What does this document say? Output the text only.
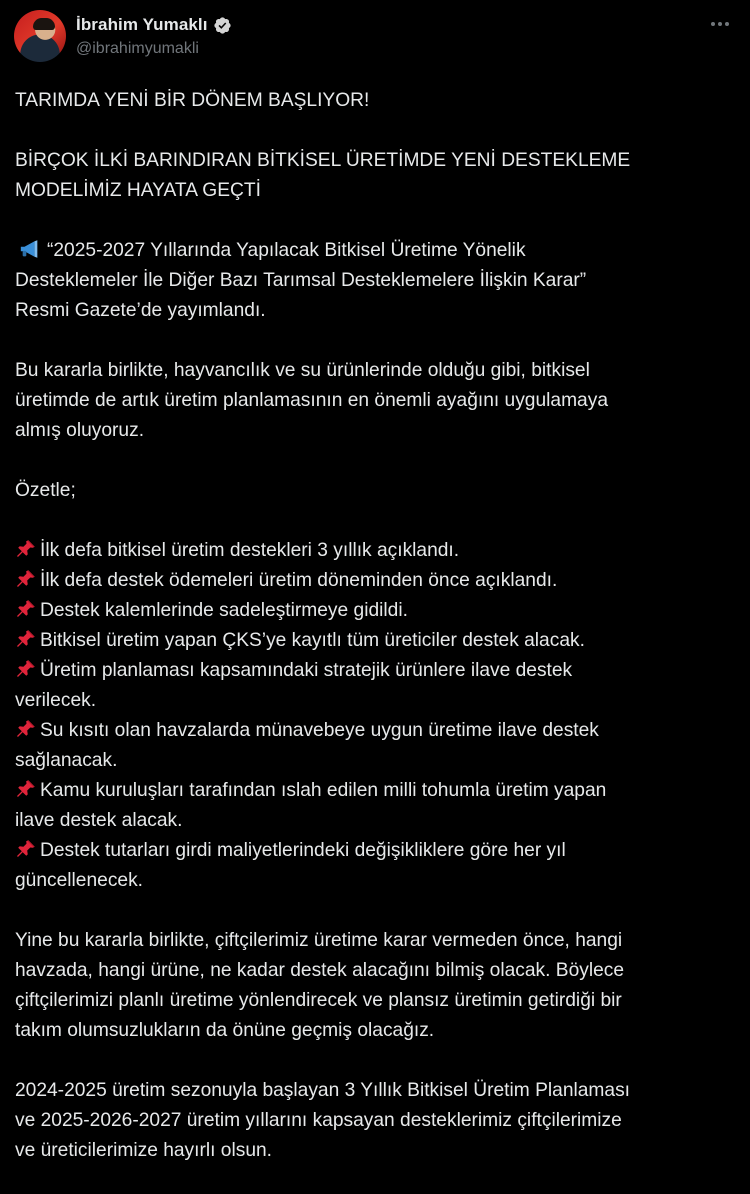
İbrahim Yumaklı
@ibrahimyumakli
TARIMDA YENİ BİR DÖNEM BAŞLIYOR!
BİRÇOK İLKİ BARINDIRAN BİTKİSEL ÜRETİMDE YENİ DESTEKLEME
MODELİMİZ HAYATA GEÇTİ
“2025-2027 Yıllarında Yapılacak Bitkisel Üretime Yönelik
Desteklemeler İle Diğer Bazı Tarımsal Desteklemelere İlişkin Karar”
Resmi Gazete’de yayımlandı.
Bu kararla birlikte, hayvancılık ve su ürünlerinde olduğu gibi, bitkisel
üretimde de artık üretim planlamasının en önemli ayağını uygulamaya
almış oluyoruz.
Özetle;
İlk defa bitkisel üretim destekleri 3 yıllık açıklandı.
İlk defa destek ödemeleri üretim döneminden önce açıklandı.
Destek kalemlerinde sadeleştirmeye gidildi.
Bitkisel üretim yapan ÇKS’ye kayıtlı tüm üreticiler destek alacak.
Üretim planlaması kapsamındaki stratejik ürünlere ilave destek
verilecek.
Su kısıtı olan havzalarda münavebeye uygun üretime ilave destek
sağlanacak.
Kamu kuruluşları tarafından ıslah edilen milli tohumla üretim yapan
ilave destek alacak.
Destek tutarları girdi maliyetlerindeki değişikliklere göre her yıl
güncellenecek.
Yine bu kararla birlikte, çiftçilerimiz üretime karar vermeden önce, hangi
havzada, hangi ürüne, ne kadar destek alacağını bilmiş olacak. Böylece
çiftçilerimizi planlı üretime yönlendirecek ve plansız üretimin getirdiği bir
takım olumsuzlukların da önüne geçmiş olacağız.
2024-2025 üretim sezonuyla başlayan 3 Yıllık Bitkisel Üretim Planlaması
ve 2025-2026-2027 üretim yıllarını kapsayan desteklerimiz çiftçilerimize
ve üreticilerimize hayırlı olsun.
